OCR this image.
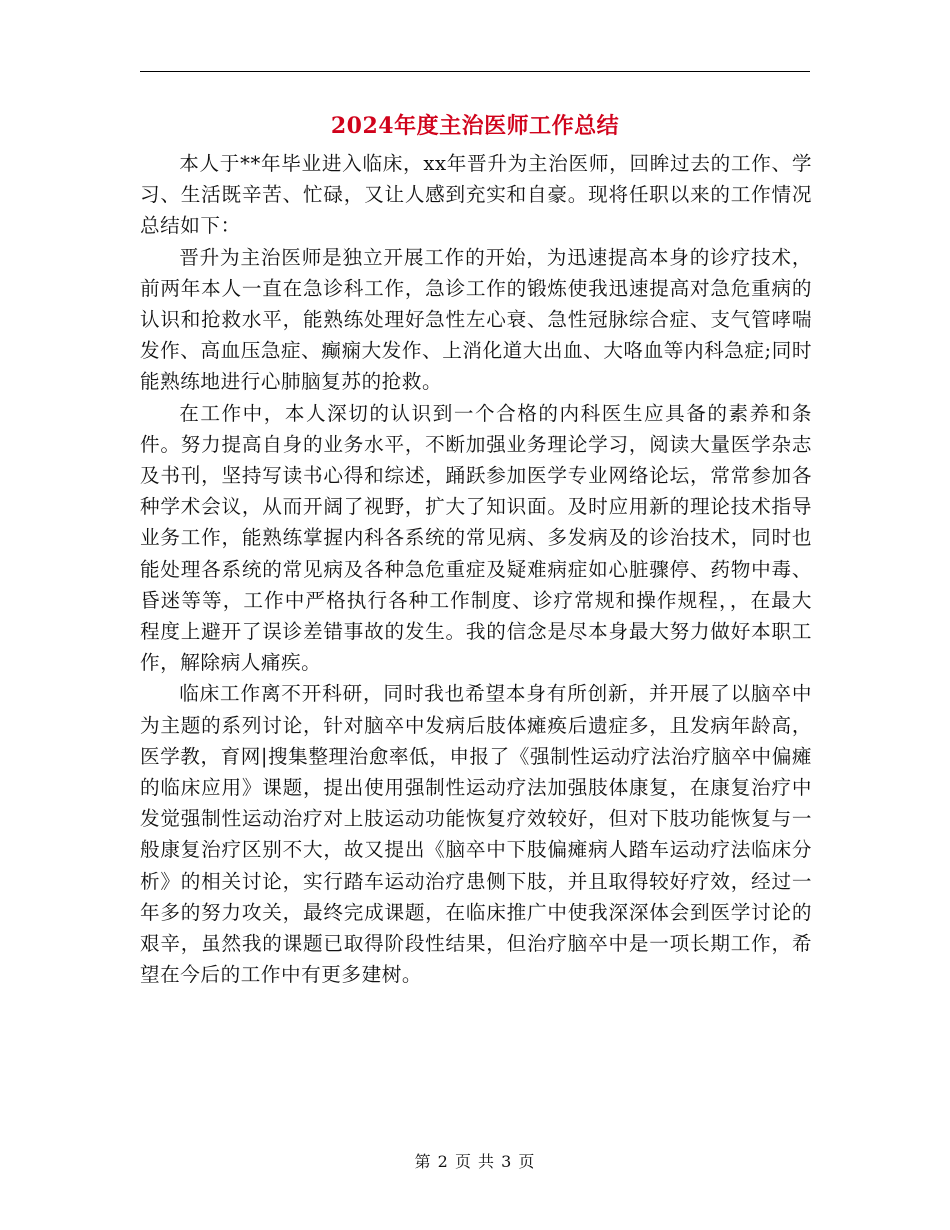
2024年度主治医师工作总结

本人于**年毕业进入临床，xx年晋升为主治医师，回眸过去的工作、学习、生活既辛苦、忙碌，又让人感到充实和自豪。现将任职以来的工作情况总结如下：

晋升为主治医师是独立开展工作的开始，为迅速提高本身的诊疗技术，前两年本人一直在急诊科工作，急诊工作的锻炼使我迅速提高对急危重病的认识和抢救水平，能熟练处理好急性左心衰、急性冠脉综合症、支气管哮喘发作、高血压急症、癫痫大发作、上消化道大出血、大咯血等内科急症;同时能熟练地进行心肺脑复苏的抢救。

在工作中，本人深切的认识到一个合格的内科医生应具备的素养和条件。努力提高自身的业务水平，不断加强业务理论学习，阅读大量医学杂志及书刊，坚持写读书心得和综述，踊跃参加医学专业网络论坛，常常参加各种学术会议，从而开阔了视野，扩大了知识面。及时应用新的理论技术指导业务工作，能熟练掌握内科各系统的常见病、多发病及的诊治技术，同时也能处理各系统的常见病及各种急危重症及疑难病症如心脏骤停、药物中毒、昏迷等等，工作中严格执行各种工作制度、诊疗常规和操作规程，，在最大程度上避开了误诊差错事故的发生。我的信念是尽本身最大努力做好本职工作，解除病人痛疾。

临床工作离不开科研，同时我也希望本身有所创新，并开展了以脑卒中为主题的系列讨论，针对脑卒中发病后肢体瘫痪后遗症多，且发病年龄高，医学教，育网|搜集整理治愈率低，申报了《强制性运动疗法治疗脑卒中偏瘫的临床应用》课题，提出使用强制性运动疗法加强肢体康复，在康复治疗中发觉强制性运动治疗对上肢运动功能恢复疗效较好，但对下肢功能恢复与一般康复治疗区别不大，故又提出《脑卒中下肢偏瘫病人踏车运动疗法临床分析》的相关讨论，实行踏车运动治疗患侧下肢，并且取得较好疗效，经过一年多的努力攻关，最终完成课题，在临床推广中使我深深体会到医学讨论的艰辛，虽然我的课题已取得阶段性结果，但治疗脑卒中是一项长期工作，希望在今后的工作中有更多建树。

第 2 页 共 3 页
